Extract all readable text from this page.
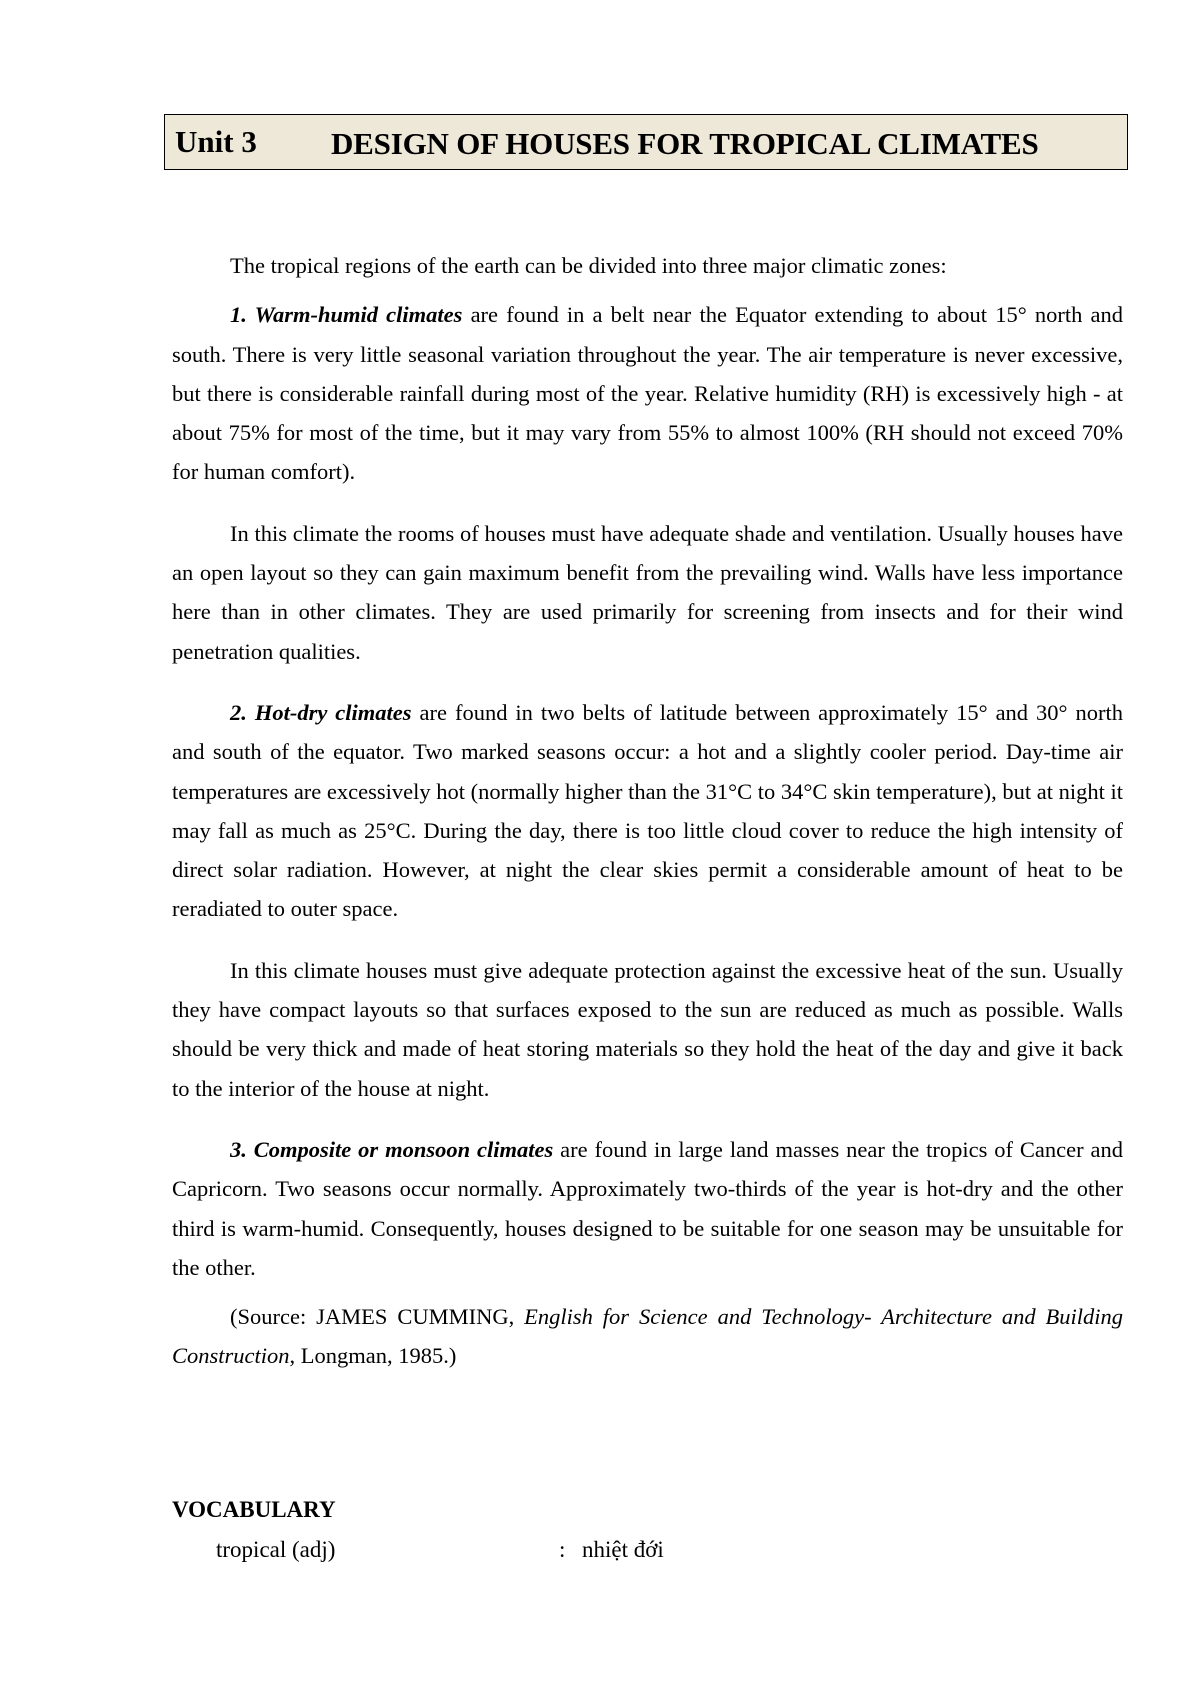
Unit 3 DESIGN OF HOUSES FOR TROPICAL CLIMATES

The tropical regions of the earth can be divided into three major climatic zones:

1. Warm-humid climates are found in a belt near the Equator extending to about 15° north and south. There is very little seasonal variation throughout the year. The air temperature is never excessive, but there is considerable rainfall during most of the year. Relative humidity (RH) is excessively high - at about 75% for most of the time, but it may vary from 55% to almost 100% (RH should not exceed 70% for human comfort).

In this climate the rooms of houses must have adequate shade and ventilation. Usually houses have an open layout so they can gain maximum benefit from the prevailing wind. Walls have less importance here than in other climates. They are used primarily for screening from insects and for their wind penetration qualities.

2. Hot-dry climates are found in two belts of latitude between approximately 15° and 30° north and south of the equator. Two marked seasons occur: a hot and a slightly cooler period. Day-time air temperatures are excessively hot (normally higher than the 31°C to 34°C skin temperature), but at night it may fall as much as 25°C. During the day, there is too little cloud cover to reduce the high intensity of direct solar radiation. However, at night the clear skies permit a considerable amount of heat to be reradiated to outer space.

In this climate houses must give adequate protection against the excessive heat of the sun. Usually they have compact layouts so that surfaces exposed to the sun are reduced as much as possible. Walls should be very thick and made of heat storing materials so they hold the heat of the day and give it back to the interior of the house at night.

3. Composite or monsoon climates are found in large land masses near the tropics of Cancer and Capricorn. Two seasons occur normally. Approximately two-thirds of the year is hot-dry and the other third is warm-humid. Consequently, houses designed to be suitable for one season may be unsuitable for the other.

(Source: JAMES CUMMING, English for Science and Technology- Architecture and Building Construction, Longman, 1985.)

VOCABULARY
tropical (adj)	: nhiệt đới
